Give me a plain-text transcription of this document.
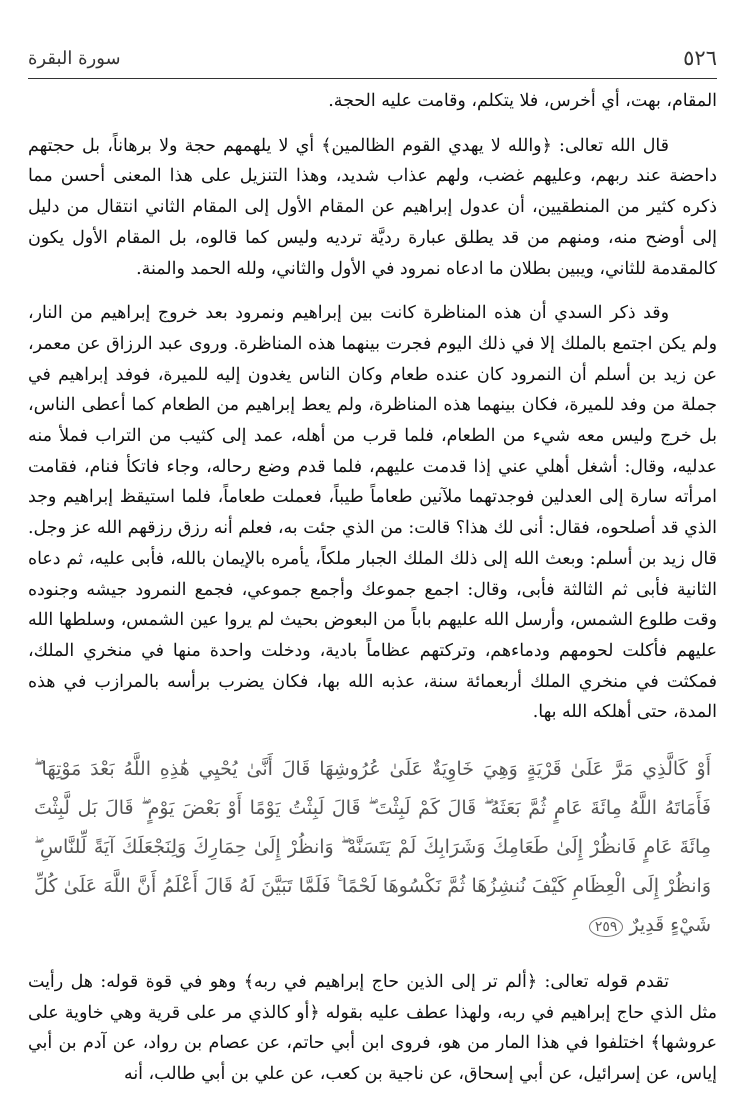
٥٢٦
سورة البقرة

المقام، بهت، أي أخرس، فلا يتكلم، وقامت عليه الحجة.

قال الله تعالى: ﴿والله لا يهدي القوم الظالمين﴾ أي لا يلهمهم حجة ولا برهاناً، بل حجتهم داحضة عند ربهم، وعليهم غضب، ولهم عذاب شديد، وهذا التنزيل على هذا المعنى أحسن مما ذكره كثير من المنطقيين، أن عدول إبراهيم عن المقام الأول إلى المقام الثاني انتقال من دليل إلى أوضح منه، ومنهم من قد يطلق عبارة رديَّة ترديه وليس كما قالوه، بل المقام الأول يكون كالمقدمة للثاني، ويبين بطلان ما ادعاه نمرود في الأول والثاني، ولله الحمد والمنة.

وقد ذكر السدي أن هذه المناظرة كانت بين إبراهيم ونمرود بعد خروج إبراهيم من النار، ولم يكن اجتمع بالملك إلا في ذلك اليوم فجرت بينهما هذه المناظرة. وروى عبد الرزاق عن معمر، عن زيد بن أسلم أن النمرود كان عنده طعام وكان الناس يغدون إليه للميرة، فوفد إبراهيم في جملة من وفد للميرة، فكان بينهما هذه المناظرة، ولم يعط إبراهيم من الطعام كما أعطى الناس، بل خرج وليس معه شيء من الطعام، فلما قرب من أهله، عمد إلى كثيب من التراب فملأ منه عدليه، وقال: أشغل أهلي عني إذا قدمت عليهم، فلما قدم وضع رحاله، وجاء فاتكأ فنام، فقامت امرأته سارة إلى العدلين فوجدتهما ملآنين طعاماً طيباً، فعملت طعاماً، فلما استيقظ إبراهيم وجد الذي قد أصلحوه، فقال: أنى لك هذا؟ قالت: من الذي جئت به، فعلم أنه رزق رزقهم الله عز وجل. قال زيد بن أسلم: وبعث الله إلى ذلك الملك الجبار ملكاً، يأمره بالإيمان بالله، فأبى عليه، ثم دعاه الثانية فأبى ثم الثالثة فأبى، وقال: اجمع جموعك وأجمع جموعي، فجمع النمرود جيشه وجنوده وقت طلوع الشمس، وأرسل الله عليهم باباً من البعوض بحيث لم يروا عين الشمس، وسلطها الله عليهم فأكلت لحومهم ودماءهم، وتركتهم عظاماً بادية، ودخلت واحدة منها في منخري الملك، فمكثت في منخري الملك أربعمائة سنة، عذبه الله بها، فكان يضرب برأسه بالمرازب في هذه المدة، حتى أهلكه الله بها.

أَوْ كَالَّذِي مَرَّ عَلَىٰ قَرْيَةٍ وَهِيَ خَاوِيَةٌ عَلَىٰ عُرُوشِهَا قَالَ أَنَّىٰ يُحْيِي هَٰذِهِ اللَّهُ بَعْدَ مَوْتِهَا ۖ فَأَمَاتَهُ اللَّهُ مِائَةَ عَامٍ ثُمَّ بَعَثَهُ ۖ قَالَ كَمْ لَبِثْتَ ۖ قَالَ لَبِثْتُ يَوْمًا أَوْ بَعْضَ يَوْمٍ ۖ قَالَ بَل لَّبِثْتَ مِائَةَ عَامٍ فَانظُرْ إِلَىٰ طَعَامِكَ وَشَرَابِكَ لَمْ يَتَسَنَّهْ ۖ وَانظُرْ إِلَىٰ حِمَارِكَ وَلِنَجْعَلَكَ آيَةً لِّلنَّاسِ ۖ وَانظُرْ إِلَى الْعِظَامِ كَيْفَ نُنشِزُهَا ثُمَّ نَكْسُوهَا لَحْمًا ۚ فَلَمَّا تَبَيَّنَ لَهُ قَالَ أَعْلَمُ أَنَّ اللَّهَ عَلَىٰ كُلِّ شَيْءٍ قَدِيرٌ ٢٥٩

تقدم قوله تعالى: ﴿ألم تر إلى الذين حاج إبراهيم في ربه﴾ وهو في قوة قوله: هل رأيت مثل الذي حاج إبراهيم في ربه، ولهذا عطف عليه بقوله ﴿أو كالذي مر على قرية وهي خاوية على عروشها﴾ اختلفوا في هذا المار من هو، فروى ابن أبي حاتم، عن عصام بن رواد، عن آدم بن أبي إياس، عن إسرائيل، عن أبي إسحاق، عن ناجية بن كعب، عن علي بن أبي طالب، أنه
